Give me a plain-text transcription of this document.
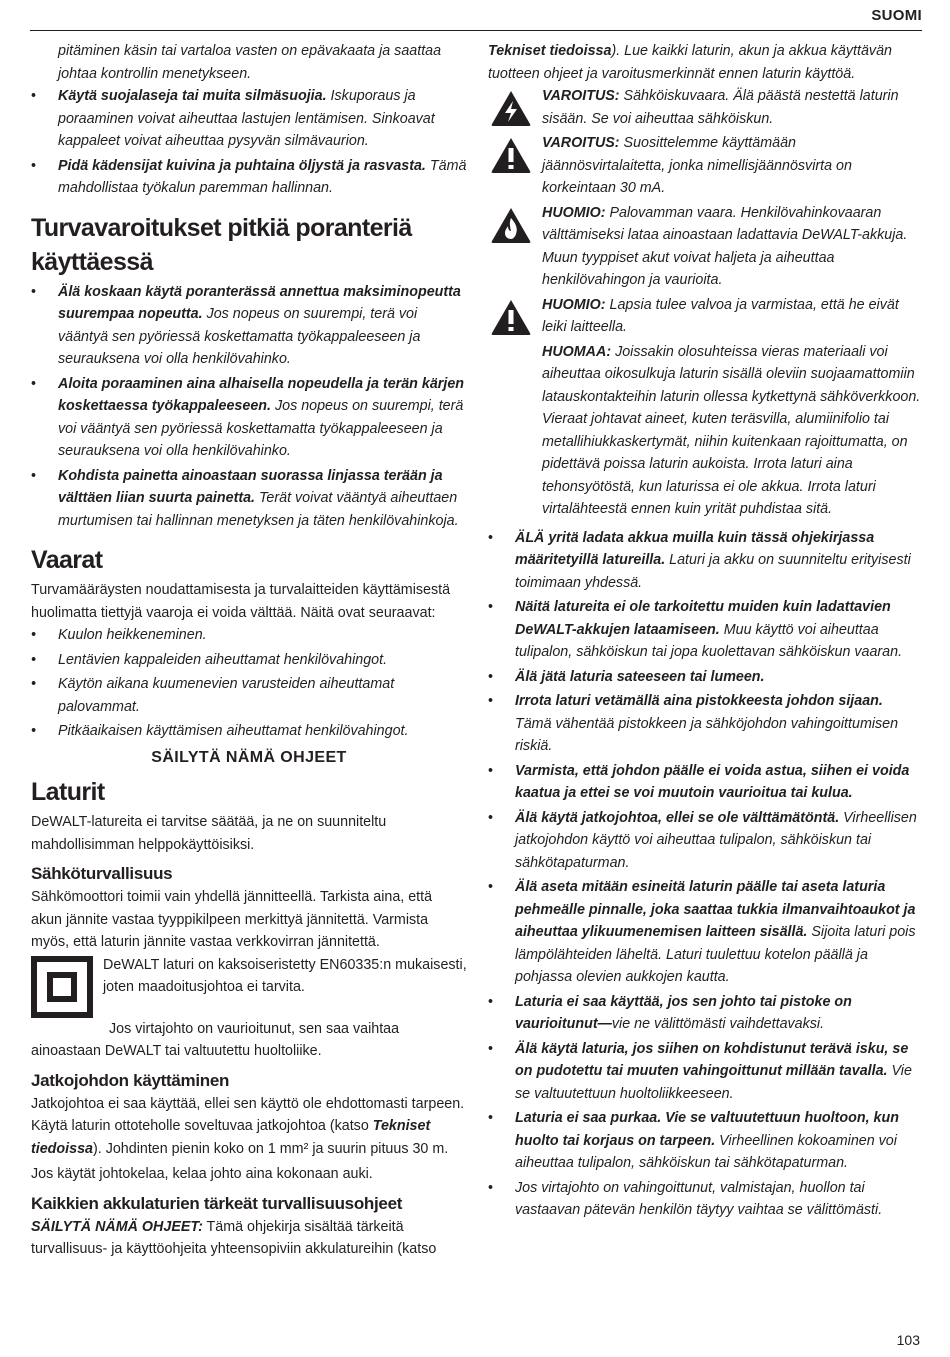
SUOMI

pitäminen käsin tai vartaloa vasten on epävakaata ja saattaa johtaa kontrollin menetykseen.

• Käytä suojalaseja tai muita silmäsuojia. Iskuporaus ja poraaminen voivat aiheuttaa lastujen lentämisen. Sinkoavat kappaleet voivat aiheuttaa pysyvän silmävaurion.
• Pidä kädensijat kuivina ja puhtaina öljystä ja rasvasta. Tämä mahdollistaa työkalun paremman hallinnan.
Turvavaroitukset pitkiä poranteriä käyttäessä
• Älä koskaan käytä poranterässä annettua maksiminopeutta suurempaa nopeutta. Jos nopeus on suurempi, terä voi vääntyä sen pyöriessä koskettamatta työkappaleeseen ja seurauksena voi olla henkilövahinko.
• Aloita poraaminen aina alhaisella nopeudella ja terän kärjen koskettaessa työkappaleeseen. Jos nopeus on suurempi, terä voi vääntyä sen pyöriessä koskettamatta työkappaleeseen ja seurauksena voi olla henkilövahinko.
• Kohdista painetta ainoastaan suorassa linjassa terään ja välttäen liian suurta painetta. Terät voivat vääntyä aiheuttaen murtumisen tai hallinnan menetyksen ja täten henkilövahinkoja.
Vaarat

Turvamääräysten noudattamisesta ja turvalaitteiden käyttämisestä huolimatta tiettyjä vaaroja ei voida välttää. Näitä ovat seuraavat:

• Kuulon heikkeneminen.
• Lentävien kappaleiden aiheuttamat henkilövahingot.
• Käytön aikana kuumenevien varusteiden aiheuttamat palovammat.
• Pitkäaikaisen käyttämisen aiheuttamat henkilövahingot.
SÄILYTÄ NÄMÄ OHJEET
Laturit

DeWALT-latureita ei tarvitse säätää, ja ne on suunniteltu mahdollisimman helppokäyttöisiksi.

Sähköturvallisuus

Sähkömoottori toimii vain yhdellä jännitteellä. Tarkista aina, että akun jännite vastaa tyyppikilpeen merkittyä jännitettä. Varmista myös, että laturin jännite vastaa verkkovirran jännitettä.

DeWALT laturi on kaksoiseristetty EN60335:n mukaisesti, joten maadoitusjohtoa ei tarvita.

Jos virtajohto on vaurioitunut, sen saa vaihtaa ainoastaan DeWALT tai valtuutettu huoltoliike.

Jatkojohdon käyttäminen

Jatkojohtoa ei saa käyttää, ellei sen käyttö ole ehdottomasti tarpeen. Käytä laturin ottoteholle soveltuvaa jatkojohtoa (katso Tekniset tiedoissa). Johdinten pienin koko on 1 mm² ja suurin pituus 30 m.

Jos käytät johtokelaa, kelaa johto aina kokonaan auki.

Kaikkien akkulaturien tärkeät turvallisuusohjeet

SÄILYTÄ NÄMÄ OHJEET: Tämä ohjekirja sisältää tärkeitä turvallisuus- ja käyttöohjeita yhteensopiviin akkulatureihin (katso

Tekniset tiedoissa). Lue kaikki laturin, akun ja akkua käyttävän tuotteen ohjeet ja varoitusmerkinnät ennen laturin käyttöä.

VAROITUS: Sähköiskuvaara. Älä päästä nestettä laturin sisään. Se voi aiheuttaa sähköiskun.

VAROITUS: Suosittelemme käyttämään jäännösvirtalaitetta, jonka nimellisjäännösvirta on korkeintaan 30 mA.

HUOMIO: Palovamman vaara. Henkilövahinkovaaran välttämiseksi lataa ainoastaan ladattavia DeWALT-akkuja. Muun tyyppiset akut voivat haljeta ja aiheuttaa henkilövahingon ja vaurioita.

HUOMIO: Lapsia tulee valvoa ja varmistaa, että he eivät leiki laitteella.

HUOMAA: Joissakin olosuhteissa vieras materiaali voi aiheuttaa oikosulkuja laturin sisällä oleviin suojaamattomiin latauskontakteihin laturin ollessa kytkettynä sähköverkkoon. Vieraat johtavat aineet, kuten teräsvilla, alumiinifolio tai metallihiukkaskertymät, niihin kuitenkaan rajoittumatta, on pidettävä poissa laturin aukoista. Irrota laturi aina tehonsyötöstä, kun laturissa ei ole akkua. Irrota laturi virtalähteestä ennen kuin yrität puhdistaa sitä.

• ÄLÄ yritä ladata akkua muilla kuin tässä ohjekirjassa määritetyillä latureilla. Laturi ja akku on suunniteltu erityisesti toimimaan yhdessä.
• Näitä latureita ei ole tarkoitettu muiden kuin ladattavien DeWALT-akkujen lataamiseen. Muu käyttö voi aiheuttaa tulipalon, sähköiskun tai jopa kuolettavan sähköiskun vaaran.
• Älä jätä laturia sateeseen tai lumeen.
• Irrota laturi vetämällä aina pistokkeesta johdon sijaan. Tämä vähentää pistokkeen ja sähköjohdon vahingoittumisen riskiä.
• Varmista, että johdon päälle ei voida astua, siihen ei voida kaatua ja ettei se voi muutoin vaurioitua tai kulua.
• Älä käytä jatkojohtoa, ellei se ole välttämätöntä. Virheellisen jatkojohdon käyttö voi aiheuttaa tulipalon, sähköiskun tai sähkötapaturman.
• Älä aseta mitään esineitä laturin päälle tai aseta laturia pehmeälle pinnalle, joka saattaa tukkia ilmanvaihtoaukot ja aiheuttaa ylikuumenemisen laitteen sisällä. Sijoita laturi pois lämpölähteiden läheltä. Laturi tuulettuu kotelon päällä ja pohjassa olevien aukkojen kautta.
• Laturia ei saa käyttää, jos sen johto tai pistoke on vaurioitunut—vie ne välittömästi vaihdettavaksi.
• Älä käytä laturia, jos siihen on kohdistunut terävä isku, se on pudotettu tai muuten vahingoittunut millään tavalla. Vie se valtuutettuun huoltoliikkeeseen.
• Laturia ei saa purkaa. Vie se valtuutettuun huoltoon, kun huolto tai korjaus on tarpeen. Virheellinen kokoaminen voi aiheuttaa tulipalon, sähköiskun tai sähkötapaturman.
• Jos virtajohto on vahingoittunut, valmistajan, huollon tai vastaavan pätevän henkilön täytyy vaihtaa se välittömästi.
103
